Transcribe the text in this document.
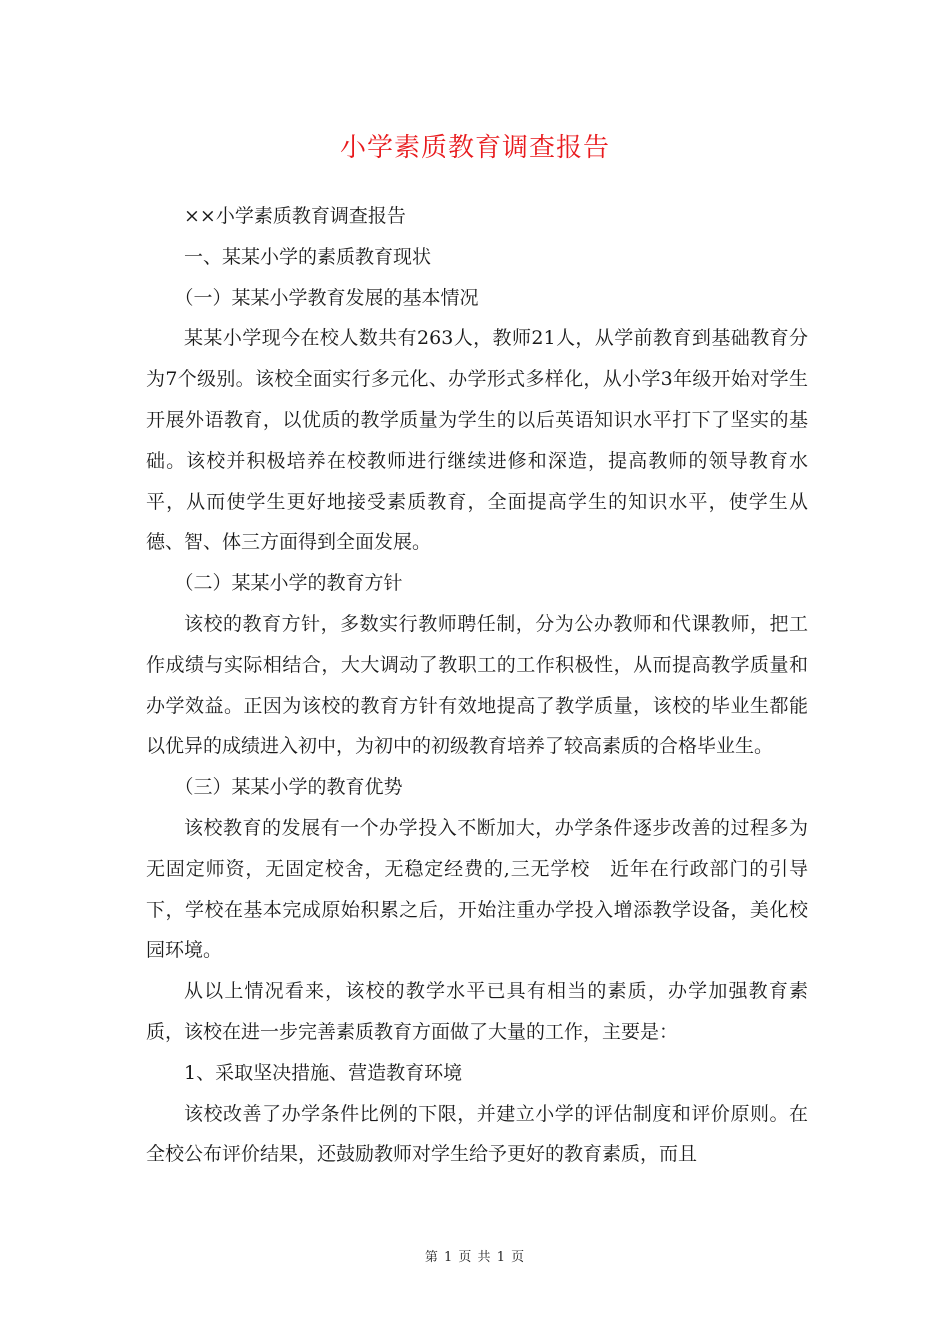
小学素质教育调查报告

××小学素质教育调查报告

一、某某小学的素质教育现状

（一）某某小学教育发展的基本情况

某某小学现今在校人数共有263人，教师21人，从学前教育到基础教育分为7个级别。该校全面实行多元化、办学形式多样化，从小学3年级开始对学生开展外语教育，以优质的教学质量为学生的以后英语知识水平打下了坚实的基础。该校并积极培养在校教师进行继续进修和深造，提高教师的领导教育水平，从而使学生更好地接受素质教育，全面提高学生的知识水平，使学生从德、智、体三方面得到全面发展。

（二）某某小学的教育方针

该校的教育方针，多数实行教师聘任制，分为公办教师和代课教师，把工作成绩与实际相结合，大大调动了教职工的工作积极性，从而提高教学质量和办学效益。正因为该校的教育方针有效地提高了教学质量，该校的毕业生都能以优异的成绩进入初中，为初中的初级教育培养了较高素质的合格毕业生。

（三）某某小学的教育优势

该校教育的发展有一个办学投入不断加大，办学条件逐步改善的过程多为无固定师资，无固定校舍，无稳定经费的,三无学校　近年在行政部门的引导下，学校在基本完成原始积累之后，开始注重办学投入增添教学设备，美化校园环境。

从以上情况看来，该校的教学水平已具有相当的素质，办学加强教育素质，该校在进一步完善素质教育方面做了大量的工作，主要是：

1、采取坚决措施、营造教育环境

该校改善了办学条件比例的下限，并建立小学的评估制度和评价原则。在全校公布评价结果，还鼓励教师对学生给予更好的教育素质，而且

第 1 页 共 1 页
